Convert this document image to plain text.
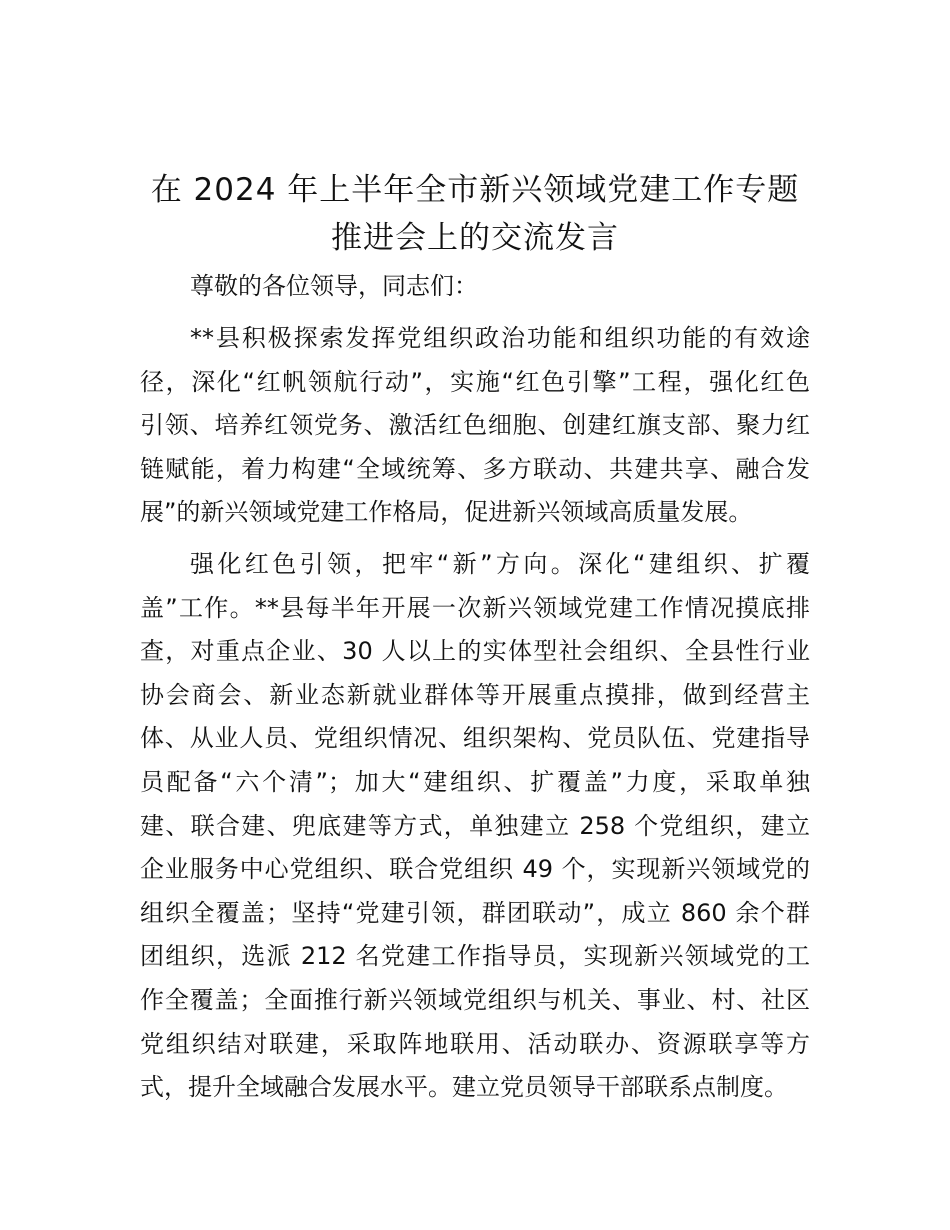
在 2024 年上半年全市新兴领域党建工作专题
推进会上的交流发言

尊敬的各位领导，同志们：

**县积极探索发挥党组织政治功能和组织功能的有效途
径，深化“红帆领航行动”，实施“红色引擎”工程，强化红色
引领、培养红领党务、激活红色细胞、创建红旗支部、聚力红
链赋能，着力构建“全域统筹、多方联动、共建共享、融合发
展”的新兴领域党建工作格局，促进新兴领域高质量发展。
强化红色引领，把牢“新”方向。深化“建组织、扩覆
盖”工作。**县每半年开展一次新兴领域党建工作情况摸底排
查，对重点企业、30 人以上的实体型社会组织、全县性行业
协会商会、新业态新就业群体等开展重点摸排，做到经营主
体、从业人员、党组织情况、组织架构、党员队伍、党建指导
员配备“六个清”；加大“建组织、扩覆盖”力度，采取单独
建、联合建、兜底建等方式，单独建立 258 个党组织，建立
企业服务中心党组织、联合党组织 49 个，实现新兴领域党的
组织全覆盖；坚持“党建引领，群团联动”，成立 860 余个群
团组织，选派 212 名党建工作指导员，实现新兴领域党的工
作全覆盖；全面推行新兴领域党组织与机关、事业、村、社区
党组织结对联建，采取阵地联用、活动联办、资源联享等方
式，提升全域融合发展水平。建立党员领导干部联系点制度。
